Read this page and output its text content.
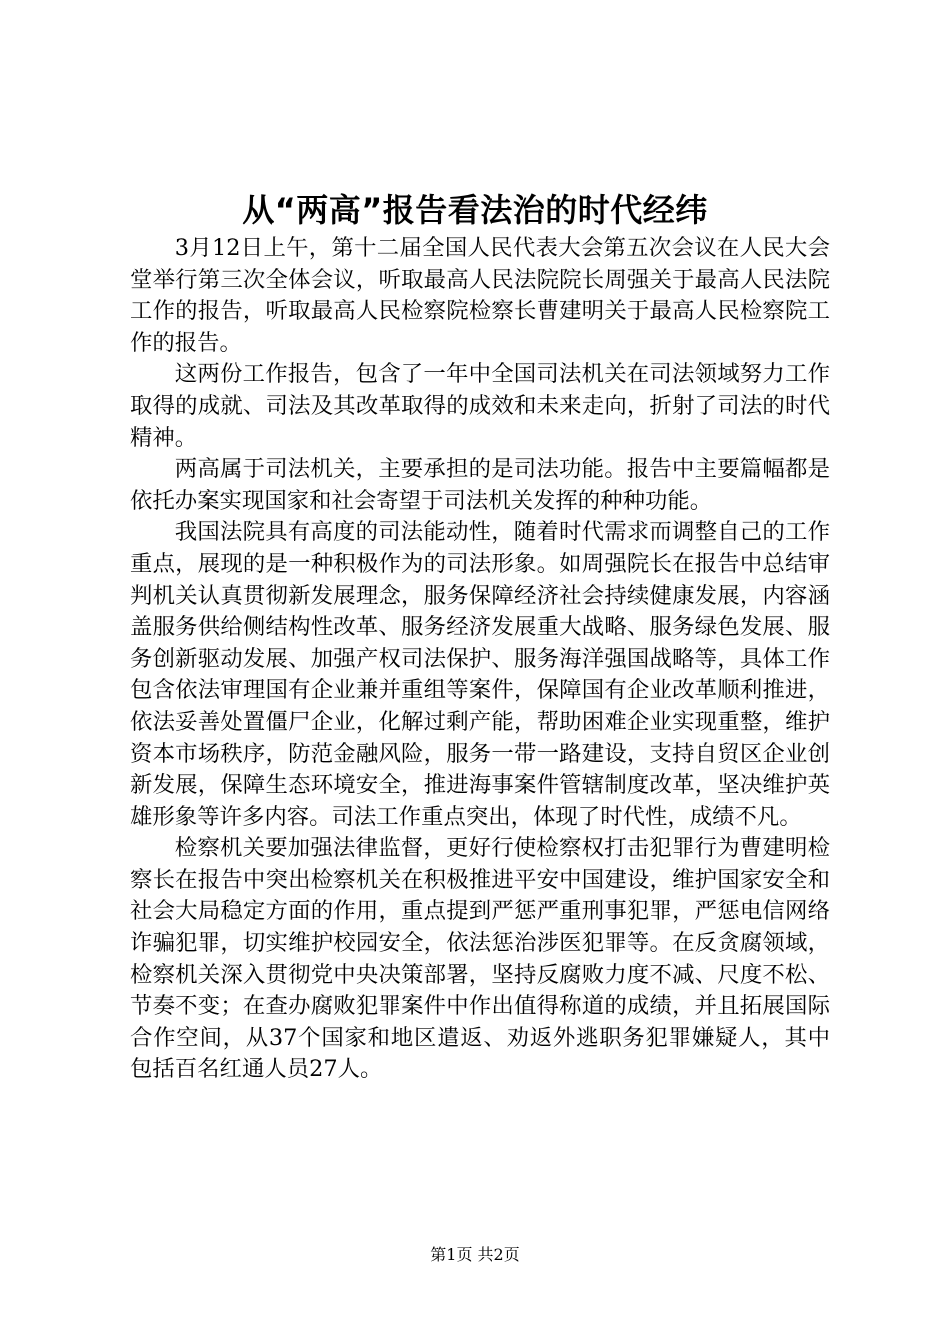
从“两高”报告看法治的时代经纬

3月12日上午，第十二届全国人民代表大会第五次会议在人民大会堂举行第三次全体会议，听取最高人民法院院长周强关于最高人民法院工作的报告，听取最高人民检察院检察长曹建明关于最高人民检察院工作的报告。

这两份工作报告，包含了一年中全国司法机关在司法领域努力工作取得的成就、司法及其改革取得的成效和未来走向，折射了司法的时代精神。

两高属于司法机关，主要承担的是司法功能。报告中主要篇幅都是依托办案实现国家和社会寄望于司法机关发挥的种种功能。

我国法院具有高度的司法能动性，随着时代需求而调整自己的工作重点，展现的是一种积极作为的司法形象。如周强院长在报告中总结审判机关认真贯彻新发展理念，服务保障经济社会持续健康发展，内容涵盖服务供给侧结构性改革、服务经济发展重大战略、服务绿色发展、服务创新驱动发展、加强产权司法保护、服务海洋强国战略等，具体工作包含依法审理国有企业兼并重组等案件，保障国有企业改革顺利推进，依法妥善处置僵尸企业，化解过剩产能，帮助困难企业实现重整，维护资本市场秩序，防范金融风险，服务一带一路建设，支持自贸区企业创新发展，保障生态环境安全，推进海事案件管辖制度改革，坚决维护英雄形象等许多内容。司法工作重点突出，体现了时代性，成绩不凡。

检察机关要加强法律监督，更好行使检察权打击犯罪行为曹建明检察长在报告中突出检察机关在积极推进平安中国建设，维护国家安全和社会大局稳定方面的作用，重点提到严惩严重刑事犯罪，严惩电信网络诈骗犯罪，切实维护校园安全，依法惩治涉医犯罪等。在反贪腐领域，检察机关深入贯彻党中央决策部署，坚持反腐败力度不减、尺度不松、节奏不变；在查办腐败犯罪案件中作出值得称道的成绩，并且拓展国际合作空间，从37个国家和地区遣返、劝返外逃职务犯罪嫌疑人，其中包括百名红通人员27人。

第1页 共2页
